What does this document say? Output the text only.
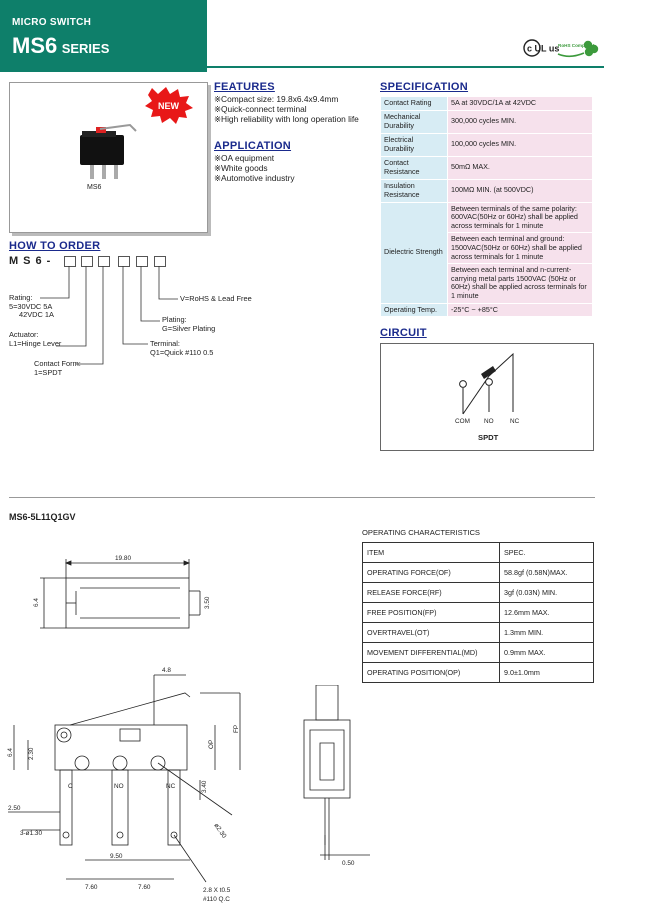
MICRO SWITCH
MS6 SERIES	c UL us
RoHS Compliant
NEW
MS6
FEATURES
※Compact size: 19.8x6.4x9.4mm
※Quick-connect terminal
※High reliability with long operation life
APPLICATION
※OA equipment
※White goods
※Automotive industry
SPECIFICATION
Contact Rating	5A at 30VDC/1A at 42VDC
Mechanical Durability	300,000 cycles MIN.
Electrical Durability	100,000 cycles MIN.
Contact Resistance	50mΩ MAX.
Insulation Resistance	100MΩ MIN. (at 500VDC)
Dielectric Strength	Between terminals of the same polarity: 600VAC(50Hz or 60Hz) shall be applied across terminals for 1 minute
	Between each terminal and ground: 1500VAC(50Hz or 60Hz) shall be applied across terminals for 1 minute
	Between each terminal and n-current-carrying metal parts 1500VAC (50Hz or 60Hz) shall be applied across terminals for 1 minute
Operating Temp.	-25°C ~ +85°C
HOW TO ORDER
MS6-
Rating:
5=30VDC 5A
42VDC 1A
Actuator:
L1=Hinge Lever
Contact Form:
1=SPDT
Terminal:
Q1=Quick #110 0.5
Plating:
G=Silver Plating
V=RoHS & Lead Free
CIRCUIT
COM NO	NC
SPDT
MS6-5L11Q1GV
OPERATING CHARACTERISTICS
ITEM	SPEC.
OPERATING FORCE(OF)	58.8gf (0.58N)MAX.
RELEASE FORCE(RF)	3gf (0.03N) MIN.
FREE POSITION(FP)	12.6mm MAX.
OVERTRAVEL(OT)	1.3mm MIN.
MOVEMENT DIFFERENTIAL(MD)	0.9mm MAX.
OPERATING POSITION(OP)	9.0±1.0mm
19.80
6.4	3.50
4.8
6.4 2.30
OP
FP
3.40
C	NO	NC
2.50
3-ø1.30
9.50
7.60	7.60
ø2.30
2.8 X t0.5
#110 Q.C
0.50
